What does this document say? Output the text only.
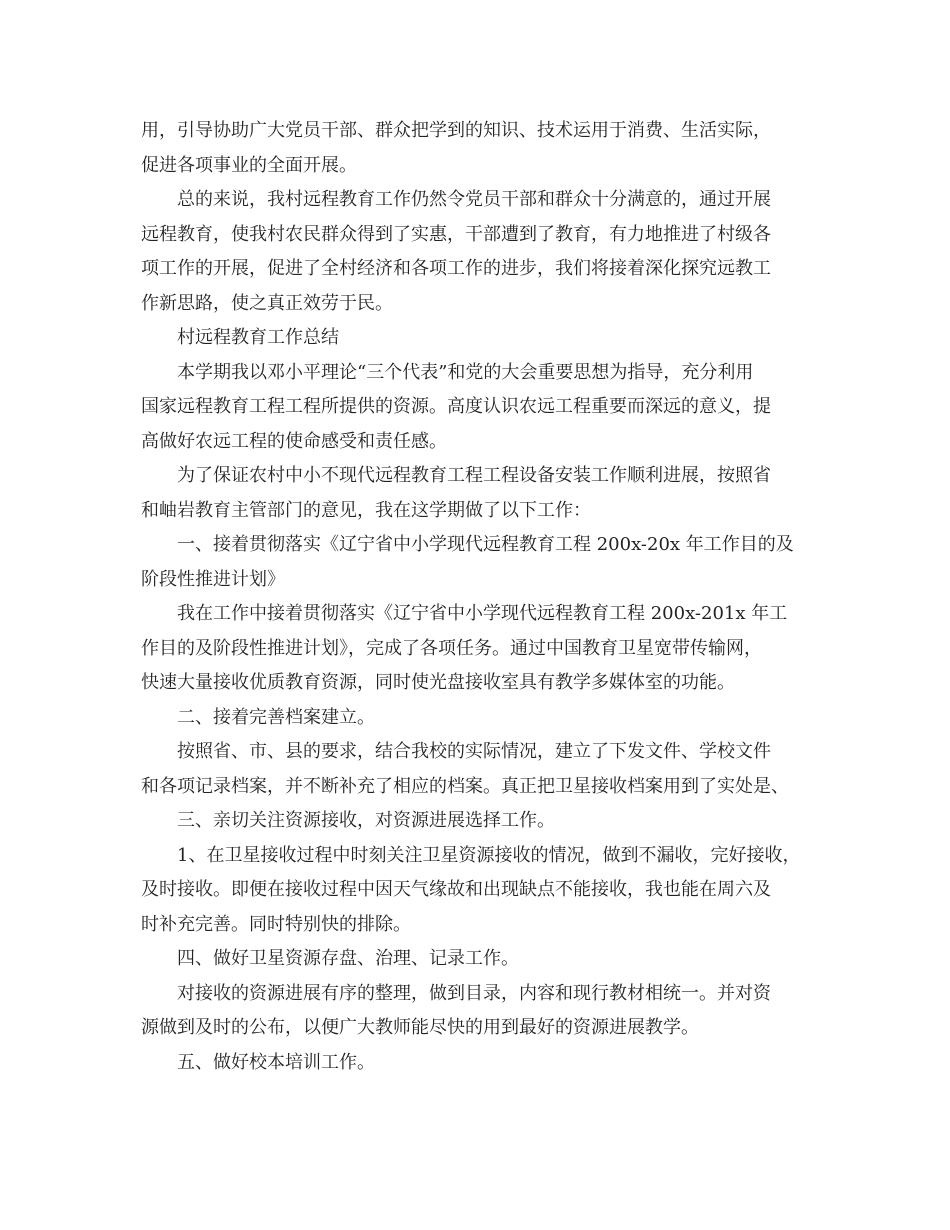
用，引导协助广大党员干部、群众把学到的知识、技术运用于消费、生活实际，
促进各项事业的全面开展。
总的来说，我村远程教育工作仍然令党员干部和群众十分满意的，通过开展
远程教育，使我村农民群众得到了实惠，干部遭到了教育，有力地推进了村级各
项工作的开展，促进了全村经济和各项工作的进步，我们将接着深化探究远教工
作新思路，使之真正效劳于民。
村远程教育工作总结
本学期我以邓小平理论“三个代表”和党的大会重要思想为指导，充分利用
国家远程教育工程工程所提供的资源。高度认识农远工程重要而深远的意义，提
高做好农远工程的使命感受和责任感。
为了保证农村中小不现代远程教育工程工程设备安装工作顺利进展，按照省
和岫岩教育主管部门的意见，我在这学期做了以下工作：
一、接着贯彻落实《辽宁省中小学现代远程教育工程 200x-20x 年工作目的及
阶段性推进计划》
我在工作中接着贯彻落实《辽宁省中小学现代远程教育工程 200x-201x 年工
作目的及阶段性推进计划》，完成了各项任务。通过中国教育卫星宽带传输网，
快速大量接收优质教育资源，同时使光盘接收室具有教学多媒体室的功能。
二、接着完善档案建立。
按照省、市、县的要求，结合我校的实际情况，建立了下发文件、学校文件
和各项记录档案，并不断补充了相应的档案。真正把卫星接收档案用到了实处是、
三、亲切关注资源接收，对资源进展选择工作。
1、在卫星接收过程中时刻关注卫星资源接收的情况，做到不漏收，完好接收，
及时接收。即便在接收过程中因天气缘故和出现缺点不能接收，我也能在周六及
时补充完善。同时特别快的排除。
四、做好卫星资源存盘、治理、记录工作。
对接收的资源进展有序的整理，做到目录，内容和现行教材相统一。并对资
源做到及时的公布，以便广大教师能尽快的用到最好的资源进展教学。
五、做好校本培训工作。
